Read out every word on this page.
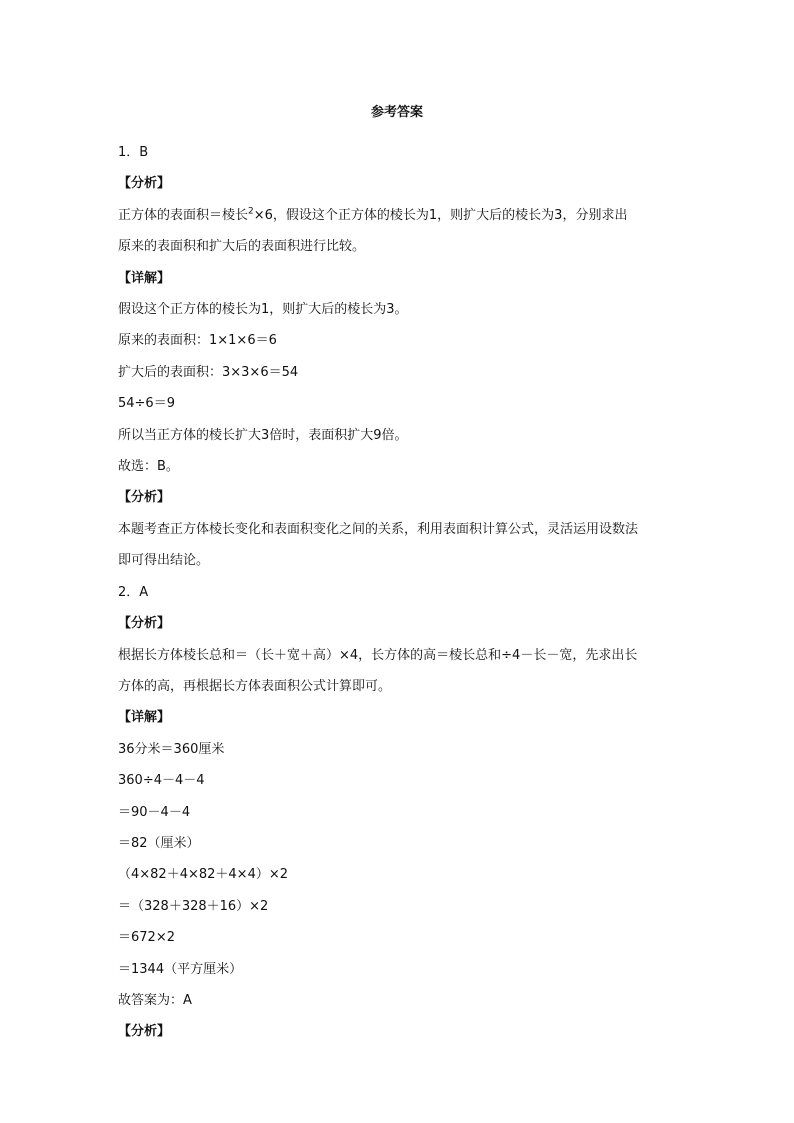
参考答案

1．B

【分析】

正方体的表面积＝棱长$^2$×6，假设这个正方体的棱长为1，则扩大后的棱长为3，分别求出

原来的表面积和扩大后的表面积进行比较。

【详解】

假设这个正方体的棱长为1，则扩大后的棱长为3。

原来的表面积：1×1×6＝6

扩大后的表面积：3×3×6＝54

54÷6＝9

所以当正方体的棱长扩大3倍时，表面积扩大9倍。

故选：B。

【分析】

本题考查正方体棱长变化和表面积变化之间的关系，利用表面积计算公式，灵活运用设数法

即可得出结论。

2．A

【分析】

根据长方体棱长总和＝（长＋宽＋高）×4，长方体的高＝棱长总和÷4－长－宽，先求出长

方体的高，再根据长方体表面积公式计算即可。

【详解】

36分米＝360厘米

360÷4－4－4

＝90－4－4

＝82（厘米）

（4×82＋4×82＋4×4）×2

＝（328＋328＋16）×2

＝672×2

＝1344（平方厘米）

故答案为：A

【分析】
